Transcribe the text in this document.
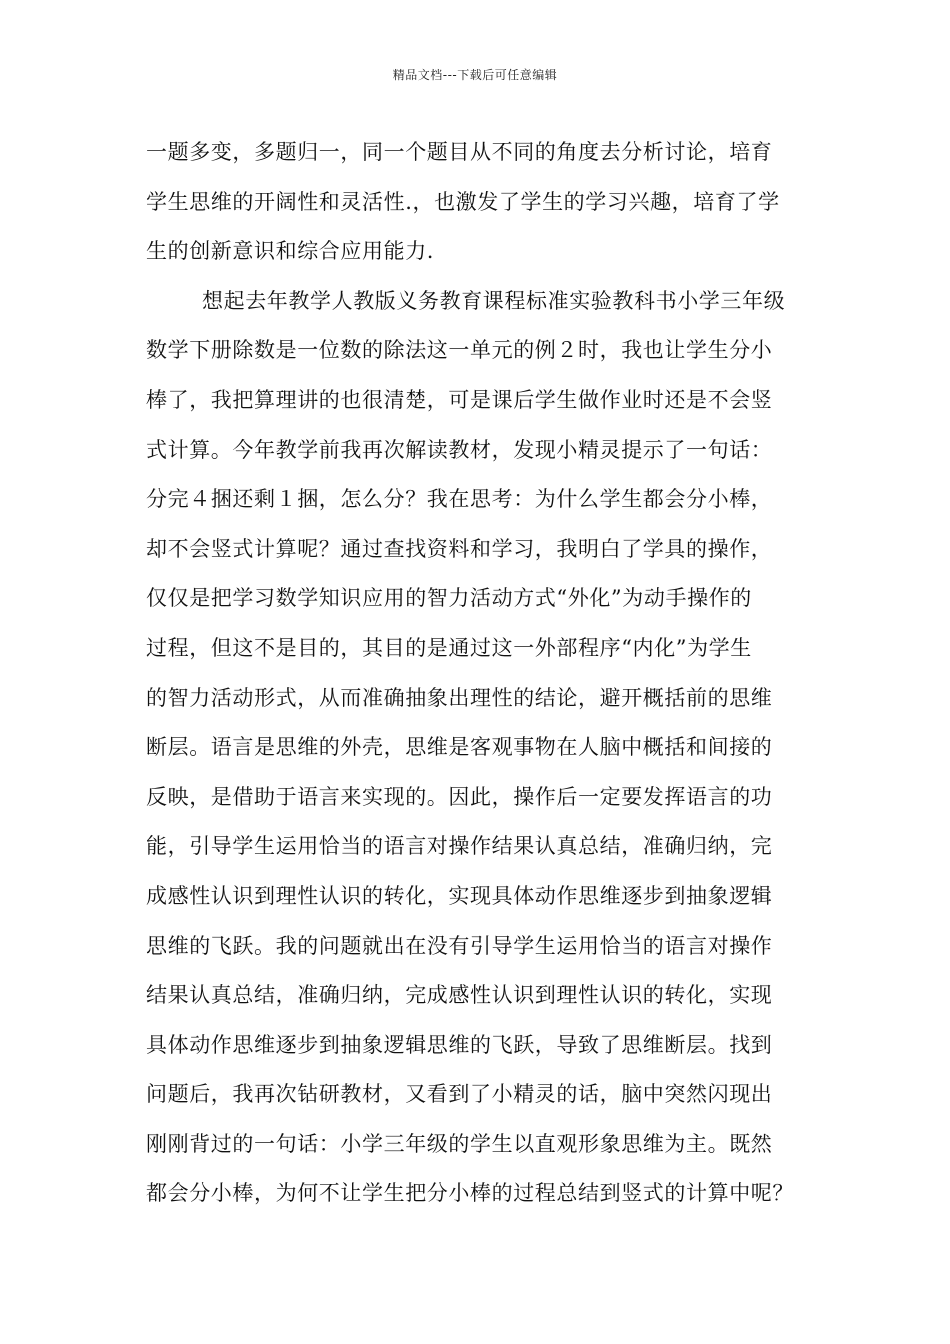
精品文档---下载后可任意编辑
一题多变，多题归一，同一个题目从不同的角度去分析讨论，培育
学生思维的开阔性和灵活性.，也激发了学生的学习兴趣，培育了学
生的创新意识和综合应用能力.
想起去年教学人教版义务教育课程标准实验教科书小学三年级
数学下册除数是一位数的除法这一单元的例２时，我也让学生分小
棒了，我把算理讲的也很清楚，可是课后学生做作业时还是不会竖
式计算。今年教学前我再次解读教材，发现小精灵提示了一句话：
分完４捆还剩１捆，怎么分？我在思考：为什么学生都会分小棒，
却不会竖式计算呢？通过查找资料和学习，我明白了学具的操作，
仅仅是把学习数学知识应用的智力活动方式“外化”为动手操作的
过程，但这不是目的，其目的是通过这一外部程序“内化”为学生
的智力活动形式，从而准确抽象出理性的结论，避开概括前的思维
断层。语言是思维的外壳，思维是客观事物在人脑中概括和间接的
反映，是借助于语言来实现的。因此，操作后一定要发挥语言的功
能，引导学生运用恰当的语言对操作结果认真总结，准确归纳，完
成感性认识到理性认识的转化，实现具体动作思维逐步到抽象逻辑
思维的飞跃。我的问题就出在没有引导学生运用恰当的语言对操作
结果认真总结，准确归纳，完成感性认识到理性认识的转化，实现
具体动作思维逐步到抽象逻辑思维的飞跃，导致了思维断层。找到
问题后，我再次钻研教材，又看到了小精灵的话，脑中突然闪现出
刚刚背过的一句话：小学三年级的学生以直观形象思维为主。既然
都会分小棒，为何不让学生把分小棒的过程总结到竖式的计算中呢？
